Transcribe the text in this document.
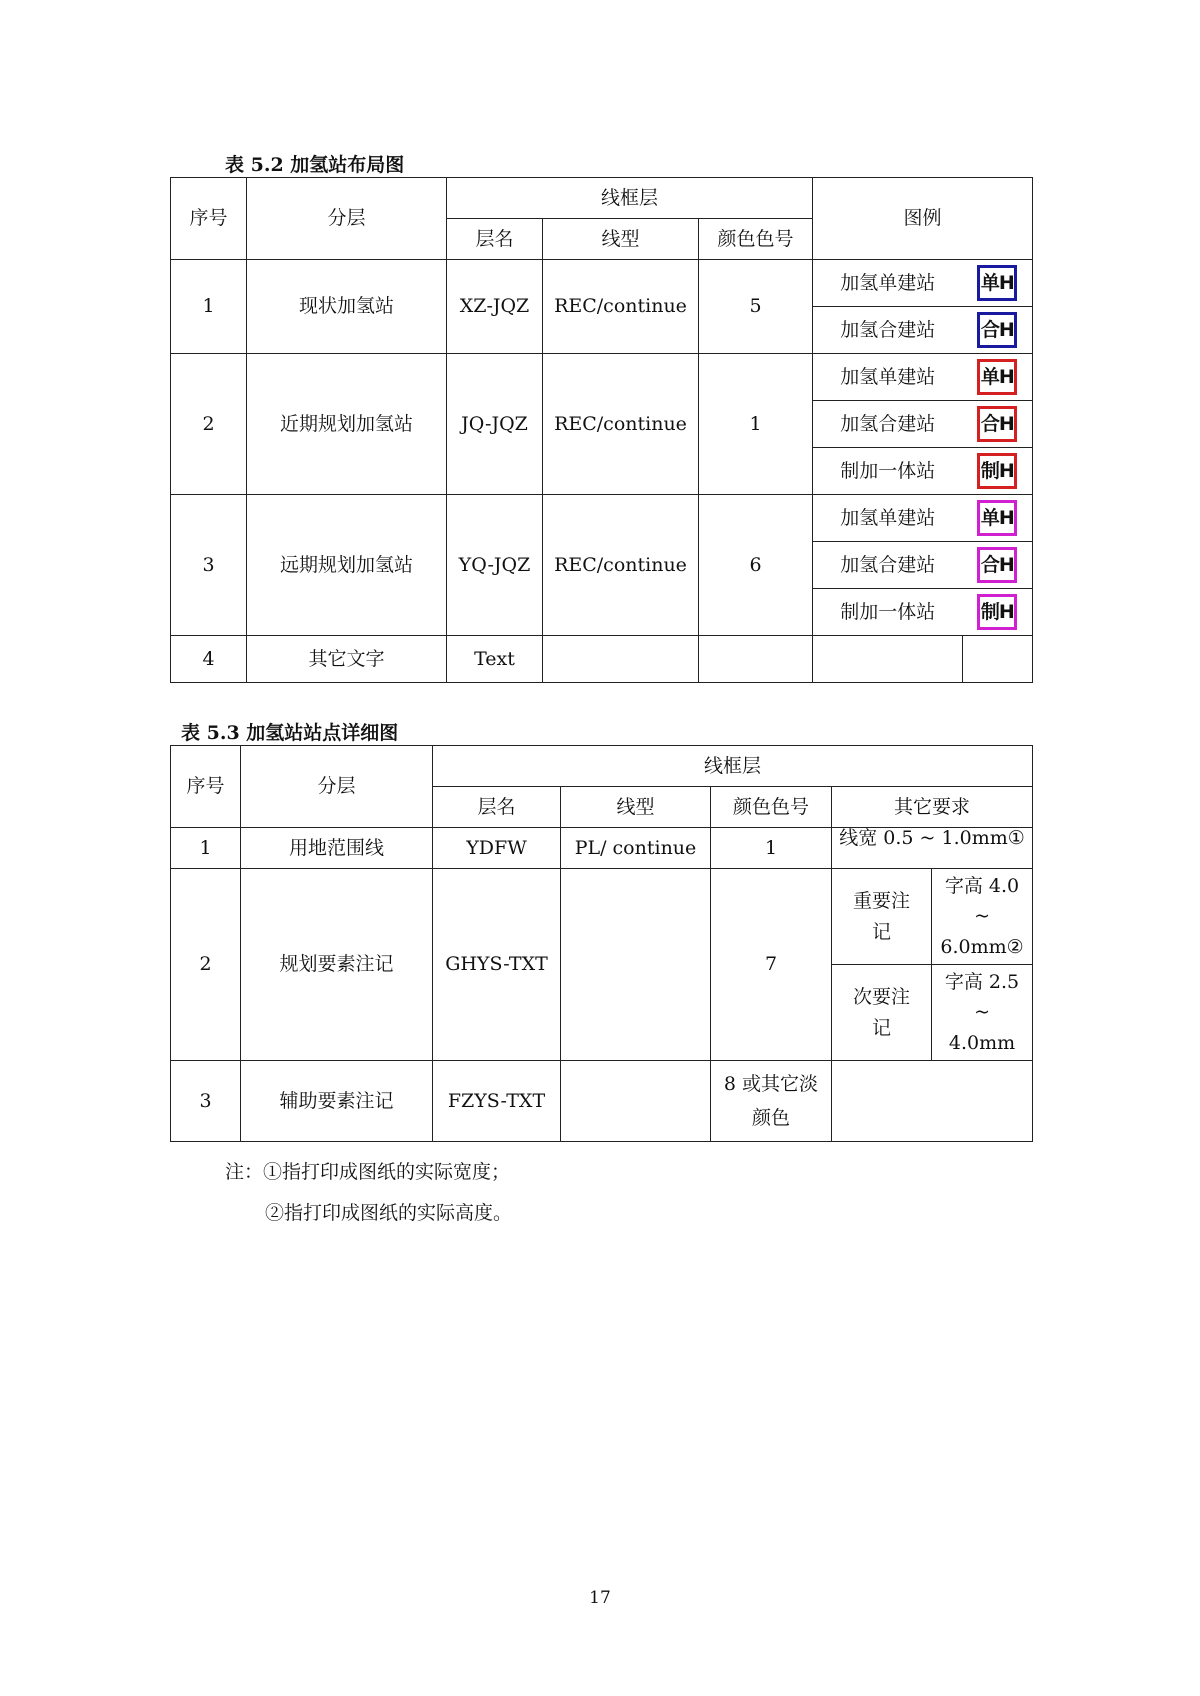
表 5.2 加氢站布局图
序号	分层	线框层			图例	
		层名	线型	颜色色号		
1	现状加氢站	XZ-JQZ	REC/continue	5	加氢单建站	单H
					加氢合建站	合H
2	近期规划加氢站	JQ-JQZ	REC/continue	1	加氢单建站	单H
					加氢合建站	合H
					制加一体站	制H
3	远期规划加氢站	YQ-JQZ	REC/continue	6	加氢单建站	单H
					加氢合建站	合H
					制加一体站	制H
4	其它文字	Text				
表 5.3 加氢站站点详细图
序号	分层	线框层				
		层名	线型	颜色色号	其它要求	
1	用地范围线	YDFW	PL/ continue	1	线宽 0.5 ~ 1.0mm①	
2	规划要素注记	GHYS-TXT		7	重要注记	字高 4.0 ~ 6.0mm②
					次要注记	字高 2.5 ~ 4.0mm
3	辅助要素注记	FZYS-TXT		8 或其它淡颜色		
注：①指打印成图纸的实际宽度；
②指打印成图纸的实际高度。
17
